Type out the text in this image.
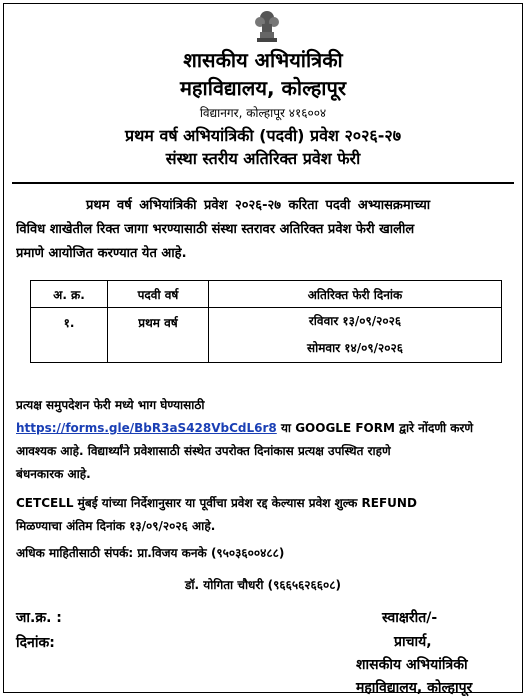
शासकीय अभियांत्रिकी
महाविद्यालय, कोल्हापूर
विद्यानगर, कोल्हापूर ४१६००४
प्रथम वर्ष अभियांत्रिकी (पदवी) प्रवेश २०२६-२७
संस्था स्तरीय अतिरिक्त प्रवेश फेरी
प्रथम वर्ष अभियांत्रिकी प्रवेश २०२६-२७ करिता पदवी अभ्यासक्रमाच्या
विविध शाखेतील रिक्त जागा भरण्यासाठी संस्था स्तरावर अतिरिक्त प्रवेश फेरी खालील
प्रमाणे आयोजित करण्यात येत आहे.
अ. क्र.	पदवी वर्ष	अतिरिक्त फेरी दिनांक
१.	प्रथम वर्ष	रविवार १३/०९/२०२६
सोमवार १४/०९/२०२६
प्रत्यक्ष समुपदेशन फेरी मध्ये भाग घेण्यासाठी
https://forms.gle/BbR3aS428VbCdL6r8 या GOOGLE FORM द्वारे नोंदणी करणे
आवश्यक आहे. विद्यार्थ्यांने प्रवेशासाठी संस्थेत उपरोक्त दिनांकास प्रत्यक्ष उपस्थित राहणे
बंधनकारक आहे.
CETCELL मुंबई यांच्या निर्देशानुसार या पूर्वीचा प्रवेश रद्द केल्यास प्रवेश शुल्क REFUND
मिळण्याचा अंतिम दिनांक १३/०९/२०२६ आहे.
अधिक माहितीसाठी संपर्क: प्रा.विजय कनके (९५०३६००४८८)
डॉ. योगिता चौधरी (९६६५६२६६०८)
जा.क्र. :
दिनांक:
स्वाक्षरीत/-
प्राचार्य,
शासकीय अभियांत्रिकी
महाविद्यालय, कोल्हापूर
